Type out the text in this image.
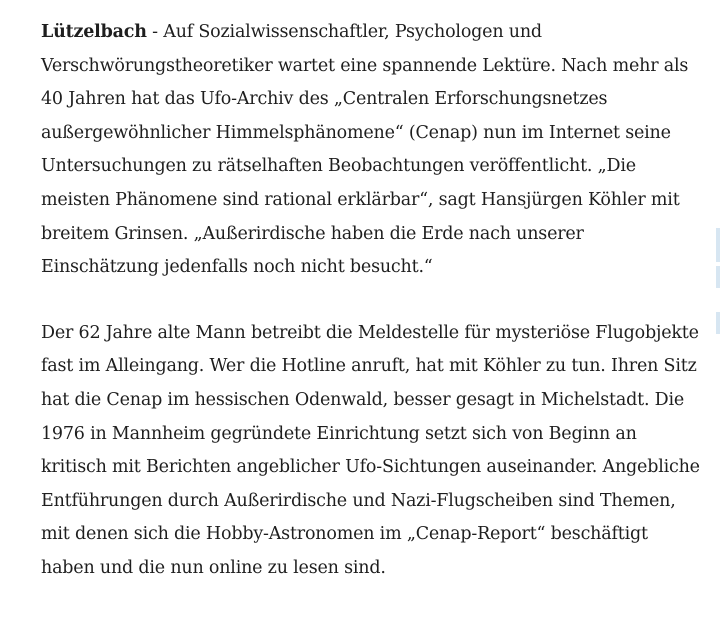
Lützelbach - Auf Sozialwissenschaftler, Psychologen und Verschwörungstheoretiker wartet eine spannende Lektüre. Nach mehr als 40 Jahren hat das Ufo-Archiv des „Centralen Erforschungsnetzes außergewöhnlicher Himmelsphänomene“ (Cenap) nun im Internet seine Untersuchungen zu rätselhaften Beobachtungen veröffentlicht. „Die meisten Phänomene sind rational erklärbar“, sagt Hansjürgen Köhler mit breitem Grinsen. „Außerirdische haben die Erde nach unserer Einschätzung jedenfalls noch nicht besucht.“

Der 62 Jahre alte Mann betreibt die Meldestelle für mysteriöse Flugobjekte fast im Alleingang. Wer die Hotline anruft, hat mit Köhler zu tun. Ihren Sitz hat die Cenap im hessischen Odenwald, besser gesagt in Michelstadt. Die 1976 in Mannheim gegründete Einrichtung setzt sich von Beginn an kritisch mit Berichten angeblicher Ufo-Sichtungen auseinander. Angebliche Entführungen durch Außerirdische und Nazi-Flugscheiben sind Themen, mit denen sich die Hobby-Astronomen im „Cenap-Report“ beschäftigt haben und die nun online zu lesen sind.
